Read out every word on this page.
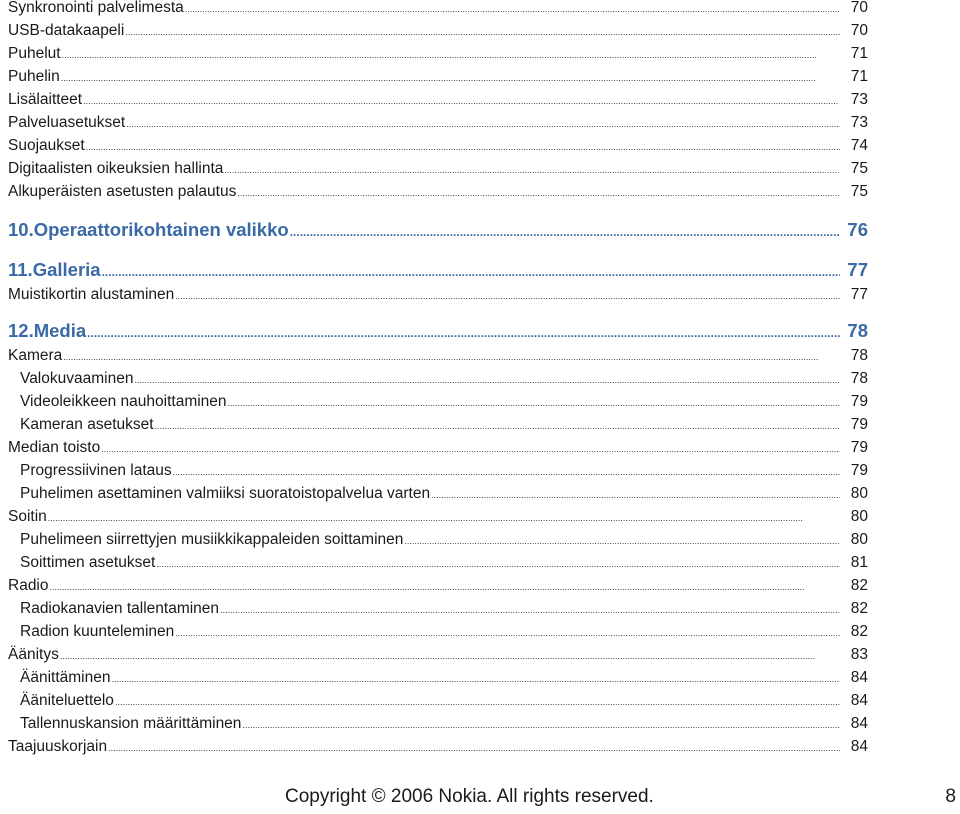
Synkronointi palvelimesta .....	70
USB-datakaapeli .....	70
Puhelut .....	71
Puhelin .....	71
Lisälaitteet .....	73
Palveluasetukset .....	73
Suojaukset .....	74
Digitaalisten oikeuksien hallinta .....	75
Alkuperäisten asetusten palautus .....	75
10.Operaattorikohtainen valikko .....	76
11.Galleria .....	77
Muistikortin alustaminen .....	77
12.Media .....	78
Kamera .....	78
Valokuvaaminen .....	78
Videoleikkeen nauhoittaminen .....	79
Kameran asetukset .....	79
Median toisto .....	79
Progressiivinen lataus .....	79
Puhelimen asettaminen valmiiksi suoratoistopalvelua varten .....	80
Soitin .....	80
Puhelimeen siirrettyjen musiikkikappaleiden soittaminen .....	80
Soittimen asetukset .....	81
Radio .....	82
Radiokanavien tallentaminen .....	82
Radion kuunteleminen .....	82
Äänitys .....	83
Äänittäminen .....	84
Ääniteluettelo .....	84
Tallennuskansion määrittäminen .....	84
Taajuuskorjain .....	84
Copyright © 2006 Nokia. All rights reserved.	8
